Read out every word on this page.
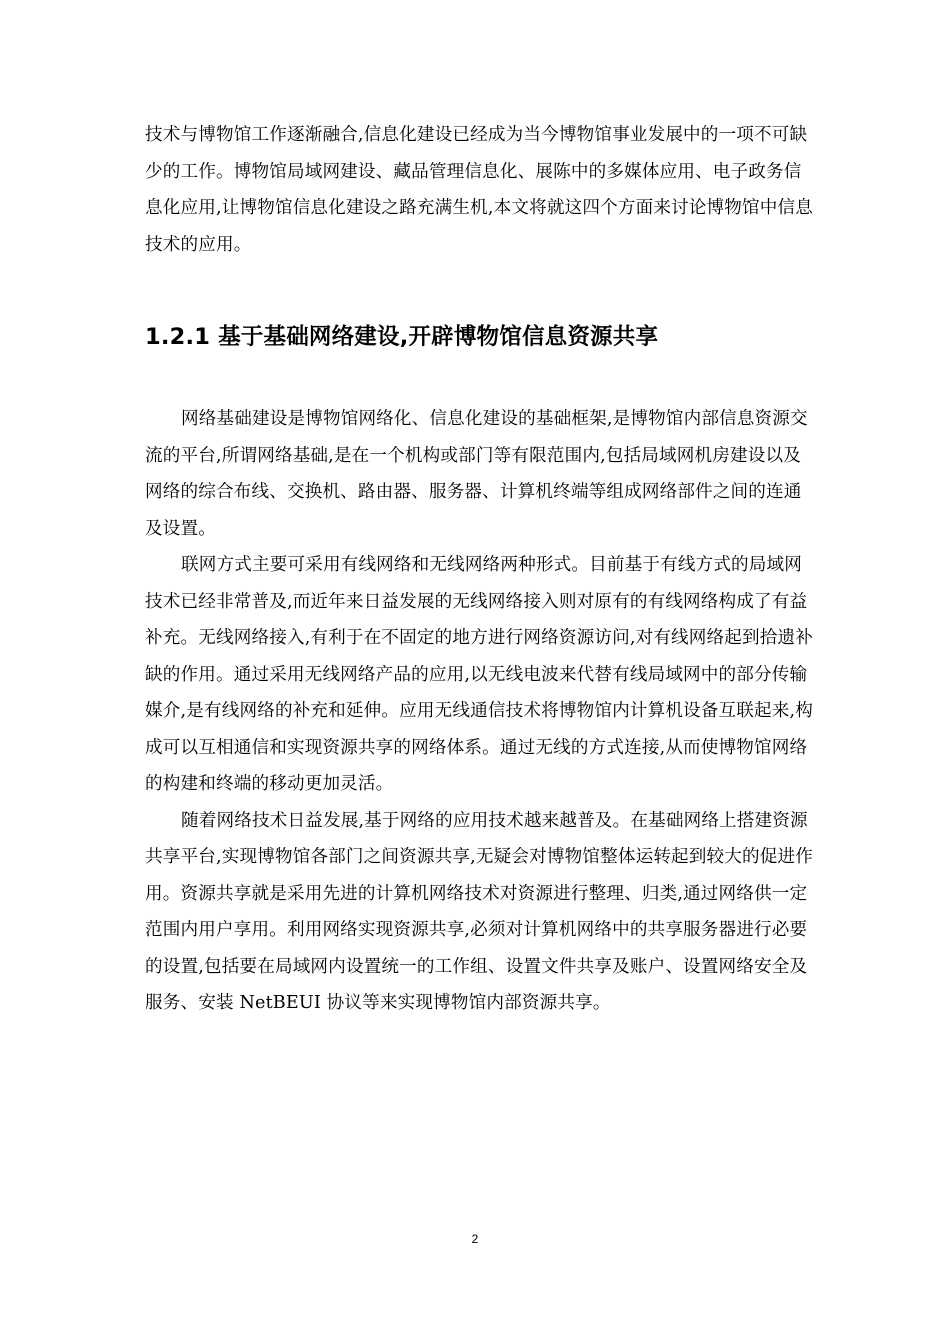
技术与博物馆工作逐渐融合,信息化建设已经成为当今博物馆事业发展中的一项不可缺少的工作。博物馆局域网建设、藏品管理信息化、展陈中的多媒体应用、电子政务信息化应用,让博物馆信息化建设之路充满生机,本文将就这四个方面来讨论博物馆中信息技术的应用。

1.2.1 基于基础网络建设,开辟博物馆信息资源共享

网络基础建设是博物馆网络化、信息化建设的基础框架,是博物馆内部信息资源交流的平台,所谓网络基础,是在一个机构或部门等有限范围内,包括局域网机房建设以及网络的综合布线、交换机、路由器、服务器、计算机终端等组成网络部件之间的连通及设置。

联网方式主要可采用有线网络和无线网络两种形式。目前基于有线方式的局域网技术已经非常普及,而近年来日益发展的无线网络接入则对原有的有线网络构成了有益补充。无线网络接入,有利于在不固定的地方进行网络资源访问,对有线网络起到拾遗补缺的作用。通过采用无线网络产品的应用,以无线电波来代替有线局域网中的部分传输媒介,是有线网络的补充和延伸。应用无线通信技术将博物馆内计算机设备互联起来,构成可以互相通信和实现资源共享的网络体系。通过无线的方式连接,从而使博物馆网络的构建和终端的移动更加灵活。

随着网络技术日益发展,基于网络的应用技术越来越普及。在基础网络上搭建资源共享平台,实现博物馆各部门之间资源共享,无疑会对博物馆整体运转起到较大的促进作用。资源共享就是采用先进的计算机网络技术对资源进行整理、归类,通过网络供一定范围内用户享用。利用网络实现资源共享,必须对计算机网络中的共享服务器进行必要的设置,包括要在局域网内设置统一的工作组、设置文件共享及账户、设置网络安全及服务、安装 NetBEUI 协议等来实现博物馆内部资源共享。

2
